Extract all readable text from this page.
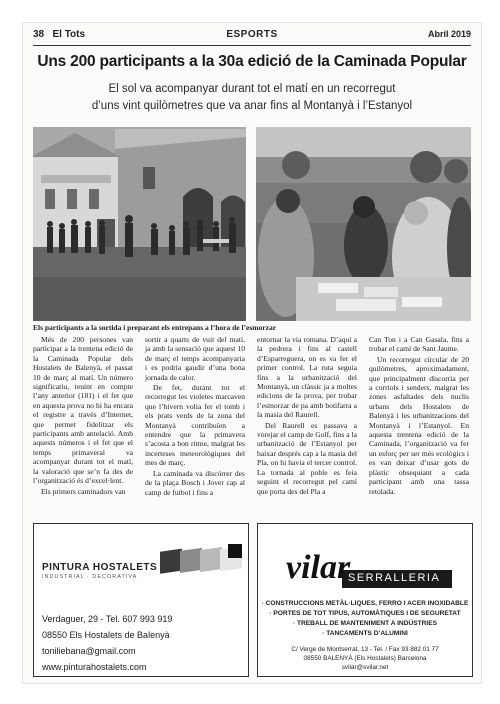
38 El Tots	ESPORTS	Abril 2019
Uns 200 participants a la 30a edició de la Caminada Popular
El sol va acompanyar durant tot el matí en un recorregut
d’uns vint quilòmetres que va anar fins al Montanyà i l’Estanyol
Els participants a la sortida i preparant els entrepans a l’hora de l’esmorzar

Més de 200 persones van participar a la trentena edició de la Caminada Popular dels Hostalets de Balenyà, el passat 10 de març al matí. Un número significatiu, tenint en compte l’any anterior (181) i el fet que en aquesta prova no hi ha encara el registre a través d’Internet, que permet fidelitzar els participants amb antelació. Amb aquests números i el fet que el temps primaveral va acompanyar durant tot el matí, la valoració que se’n fa des de l’organització és d’excel·lent.

Els primers caminadors van

sortir a quarts de vuit del matí, ja amb la sensació que aquest 10 de març el temps acompanyaria i es podria gaudir d’una bona jornada de calor.

De fet, durant tot el recorregut les violetes marcaven que l’hivern volia fer el tomb i els prats verds de la zona del Montanyà contribuïen a entendre que la primavera s’acosta a bon ritme, malgrat les incerteses meteorològiques del mes de març.

La caminada va discórrer des de la plaça Bosch i Jover cap al camp de futbol i fins a

entornar la via romana. D’aquí a la pedrera i fins al castell d’Esparreguera, on es va fer el primer control. La ruta seguia fins a la urbanització del Montanyà, un clàssic ja a moltes edicions de la prova, per trobar l’esmorzar de pa amb botifarra a la masia del Raurell.

Del Raurell es passava a vorejar el camp de Golf, fins a la urbanització de l’Estanyol per baixar després cap a la masia del Pla, on hi havia el tercer control. La tornada al poble es feia seguint el recorregut pel camí que porta des del Pla a

Can Ton i a Can Gasala, fins a trobar el camí de Sant Jaume.

Un recorregut circular de 20 quilòmetres, aproximadament, que principalment discorria per a corriols i senders, malgrat les zones asfaltades dels nuclis urbans dels Hostalets de Balenyà i les urbanitzacions del Montanyà i l’Estanyol. En aquesta trentena edició de la Caminada, l’organització va fer un esforç per ser més ecològics i es van deixar d’usar gots de plàstic obsequiant a cada participant amb una tassa retolada.

PINTURA HOSTALETS
INDUSTRIAL · DECORATIVA
Verdaguer, 29 - Tel. 607 993 919
08550 Els Hostalets de Balenyà
toniliebana@gmail.com
www.pinturahostalets.com
vilar
SERRALLERIA
· CONSTRUCCIONS METÀL·LIQUES, FERRO I ACER INOXIDABLE
· PORTES DE TOT TIPUS, AUTOMÀTIQUES I DE SEGURETAT
· TREBALL DE MANTENIMENT A INDÚSTRIES
· TANCAMENTS D’ALUMINI
C/ Verge de Montserrat, 13 - Tel. / Fax 93 882 01 77
08550 BALENYÀ (Els Hostalets) Barcelona
svilar@svilar.net
